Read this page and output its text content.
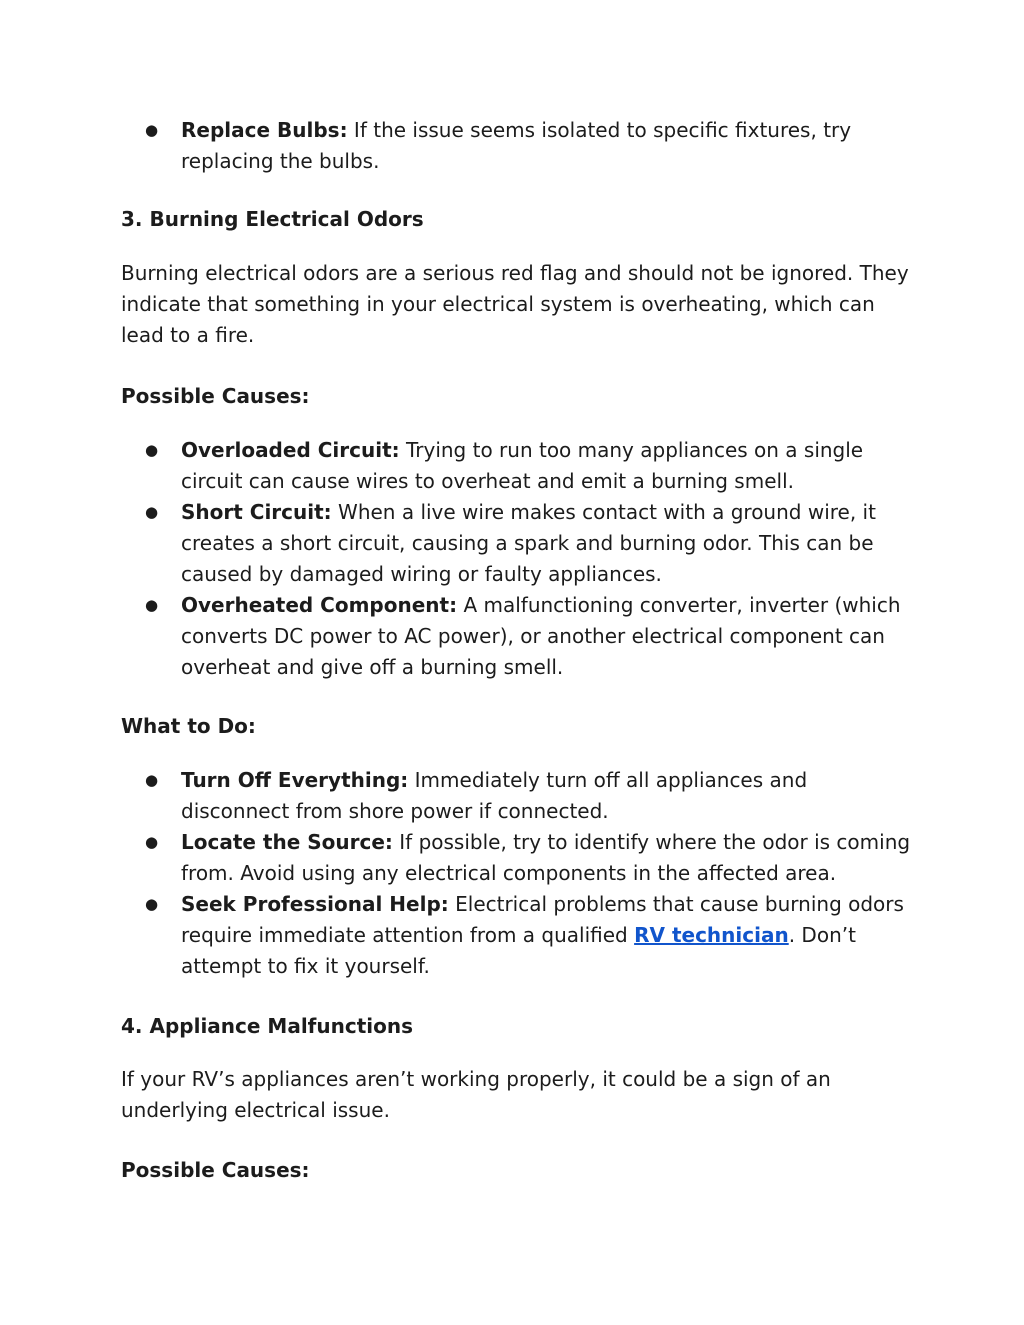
● Replace Bulbs: If the issue seems isolated to specific fixtures, try replacing the bulbs.
3. Burning Electrical Odors

Burning electrical odors are a serious red flag and should not be ignored. They indicate that something in your electrical system is overheating, which can lead to a fire.

Possible Causes:
● Overloaded Circuit: Trying to run too many appliances on a single circuit can cause wires to overheat and emit a burning smell.
● Short Circuit: When a live wire makes contact with a ground wire, it creates a short circuit, causing a spark and burning odor. This can be caused by damaged wiring or faulty appliances.
● Overheated Component: A malfunctioning converter, inverter (which converts DC power to AC power), or another electrical component can overheat and give off a burning smell.
What to Do:
● Turn Off Everything: Immediately turn off all appliances and disconnect from shore power if connected.
● Locate the Source: If possible, try to identify where the odor is coming from. Avoid using any electrical components in the affected area.
● Seek Professional Help: Electrical problems that cause burning odors require immediate attention from a qualified RV technician. Don’t attempt to fix it yourself.
4. Appliance Malfunctions

If your RV’s appliances aren’t working properly, it could be a sign of an underlying electrical issue.

Possible Causes:
